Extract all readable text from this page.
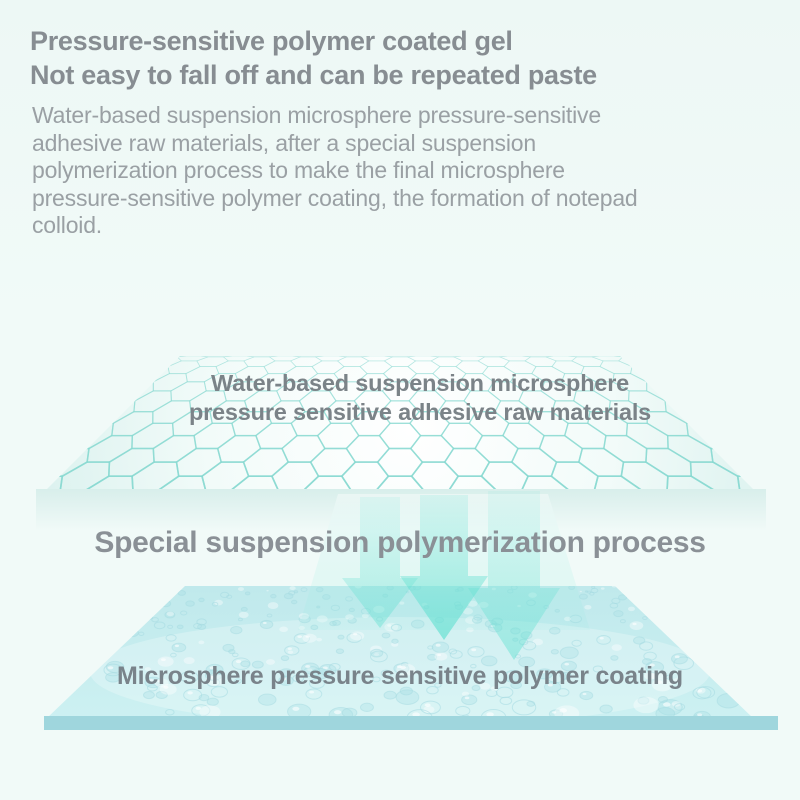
Pressure-sensitive polymer coated gel
Not easy to fall off and can be repeated paste
Water-based suspension microsphere pressure-sensitive
adhesive raw materials, after a special suspension
polymerization process to make the final microsphere
pressure-sensitive polymer coating, the formation of notepad
colloid.
Water-based suspension microsphere
pressure sensitive adhesive raw materials
Special suspension polymerization process
Microsphere pressure sensitive polymer coating
